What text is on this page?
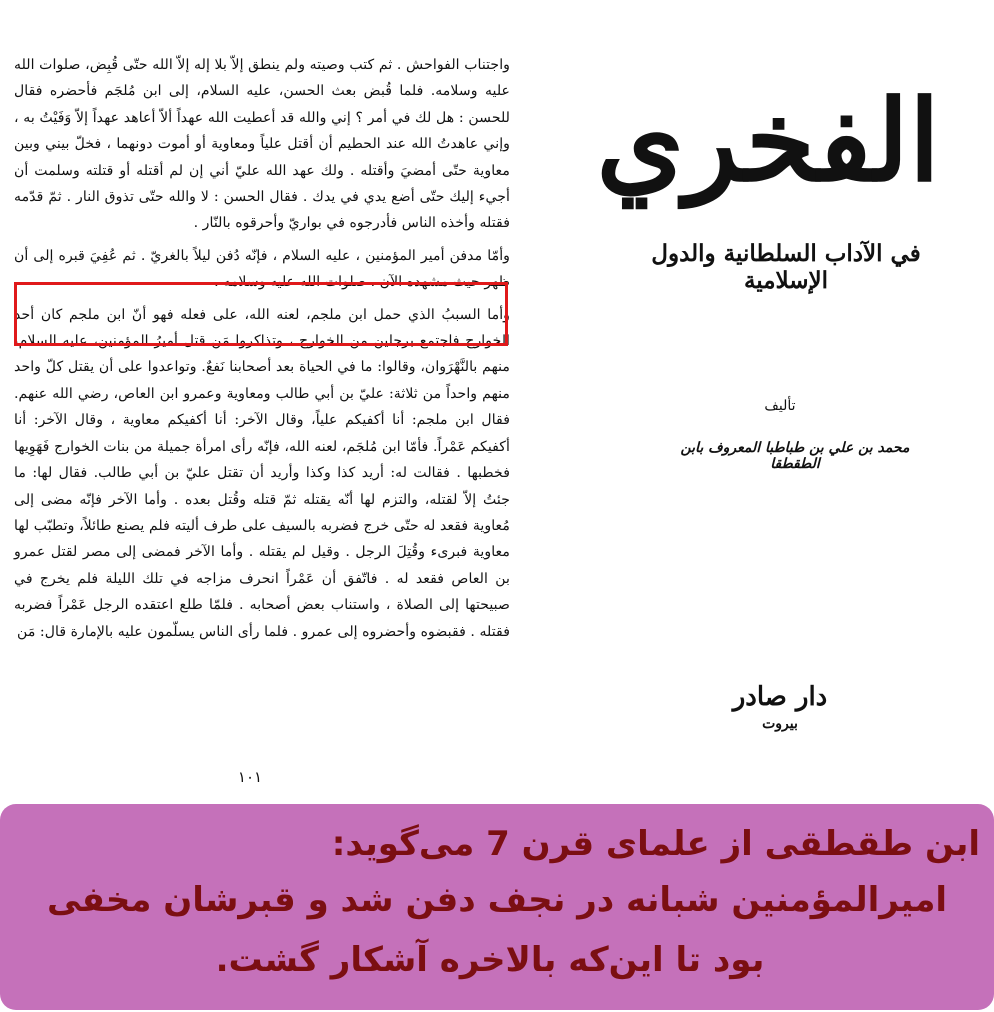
واجتناب الفواحش . ثم كتب وصيته ولم ينطق إلاّ بلا إله إلاّ الله حتّى قُبِض، صلوات الله عليه وسلامه. فلما قُبض بعث الحسن، عليه السلام، إلى ابن مُلجَم فأحضره فقال للحسن : هل لك في أمر ؟ إني والله قد أعطيت الله عهداً ألاّ أعاهد عهداً إلاّ وَفَيْتُ به ، وإني عاهدتُ الله عند الحطيم أن أقتل علياً ومعاوية أو أموت دونهما ، فخلّ بيني وبين معاوية حتّى أمضيَ وأقتله . ولك عهد الله عليّ أني إن لم أقتله أو قتلته وسلمت أن أجيء إليك حتّى أضع يدي في يدك . فقال الحسن : لا والله حتّى تذوق النار . ثمّ قدّمه فقتله وأخذه الناس فأدرجوه في بواريّ وأحرقوه بالنّار .

وأمّا مدفن أمير المؤمنين ، عليه السلام ، فإنّه دُفن ليلاً بالغريّ . ثم عُفِيَ قبره إلى أن ظهر حيث مشهده الآن ، صلوات الله عليه وسلامه .

وأما السببُ الذي حمل ابن ملجم، لعنه الله، على فعله فهو أنّ ابن ملجم كان أحد الخوارج فاجتمع برجلين من الخوارج ، وتذاكروا مَن قتل أميرُ المؤمنين، عليه السلام، منهم بالنَّهْرَوان، وقالوا: ما في الحياة بعد أصحابنا نَفعٌ. وتواعدوا على أن يقتل كلّ واحد منهم واحداً من ثلاثة: عليّ بن أبي طالب ومعاوية وعمرو ابن العاص، رضي الله عنهم. فقال ابن ملجم: أنا أكفيكم علياً، وقال الآخر: أنا أكفيكم معاوية ، وقال الآخر: أنا أكفيكم عَمْراً. فأمّا ابن مُلجَم، لعنه الله، فإنّه رأى امرأة جميلة من بنات الخوارج فَهَوِيها فخطبها . فقالت له: أريد كذا وكذا وأريد أن تقتل عليّ بن أبي طالب. فقال لها: ما جئتُ إلاّ لقتله، والتزم لها أنّه يقتله ثمّ قتله وقُتل بعده . وأما الآخر فإنّه مضى إلى مُعاوية فقعد له حتّى خرج فضربه بالسيف على طرف أليته فلم يصنع طائلاً، وتطبّب لها معاوية فبرىء وقُتِلَ الرجل . وقيل لم يقتله . وأما الآخر فمضى إلى مصر لقتل عمرو بن العاص فقعد له . فاتّفق أن عَمْراً انحرف مزاجه في تلك الليلة فلم يخرج في صبيحتها إلى الصلاة ، واستناب بعض أصحابه . فلمّا طلع اعتقده الرجل عَمْراً فضربه فقتله . فقبضوه وأحضروه إلى عمرو . فلما رأى الناس يسلّمون عليه بالإمارة قال: مَن

١٠١
الفخري
في الآداب السلطانية والدول الإسلامية
تأليف
محمد بن علي بن طباطبا المعروف بابن الطقطقا
دار صادر
بيروت
ابن طقطقی از علمای قرن 7 می‌گوید:
امیرالمؤمنین شبانه در نجف دفن شد و قبرشان مخفی
بود تا این‌که بالاخره آشکار گشت.
